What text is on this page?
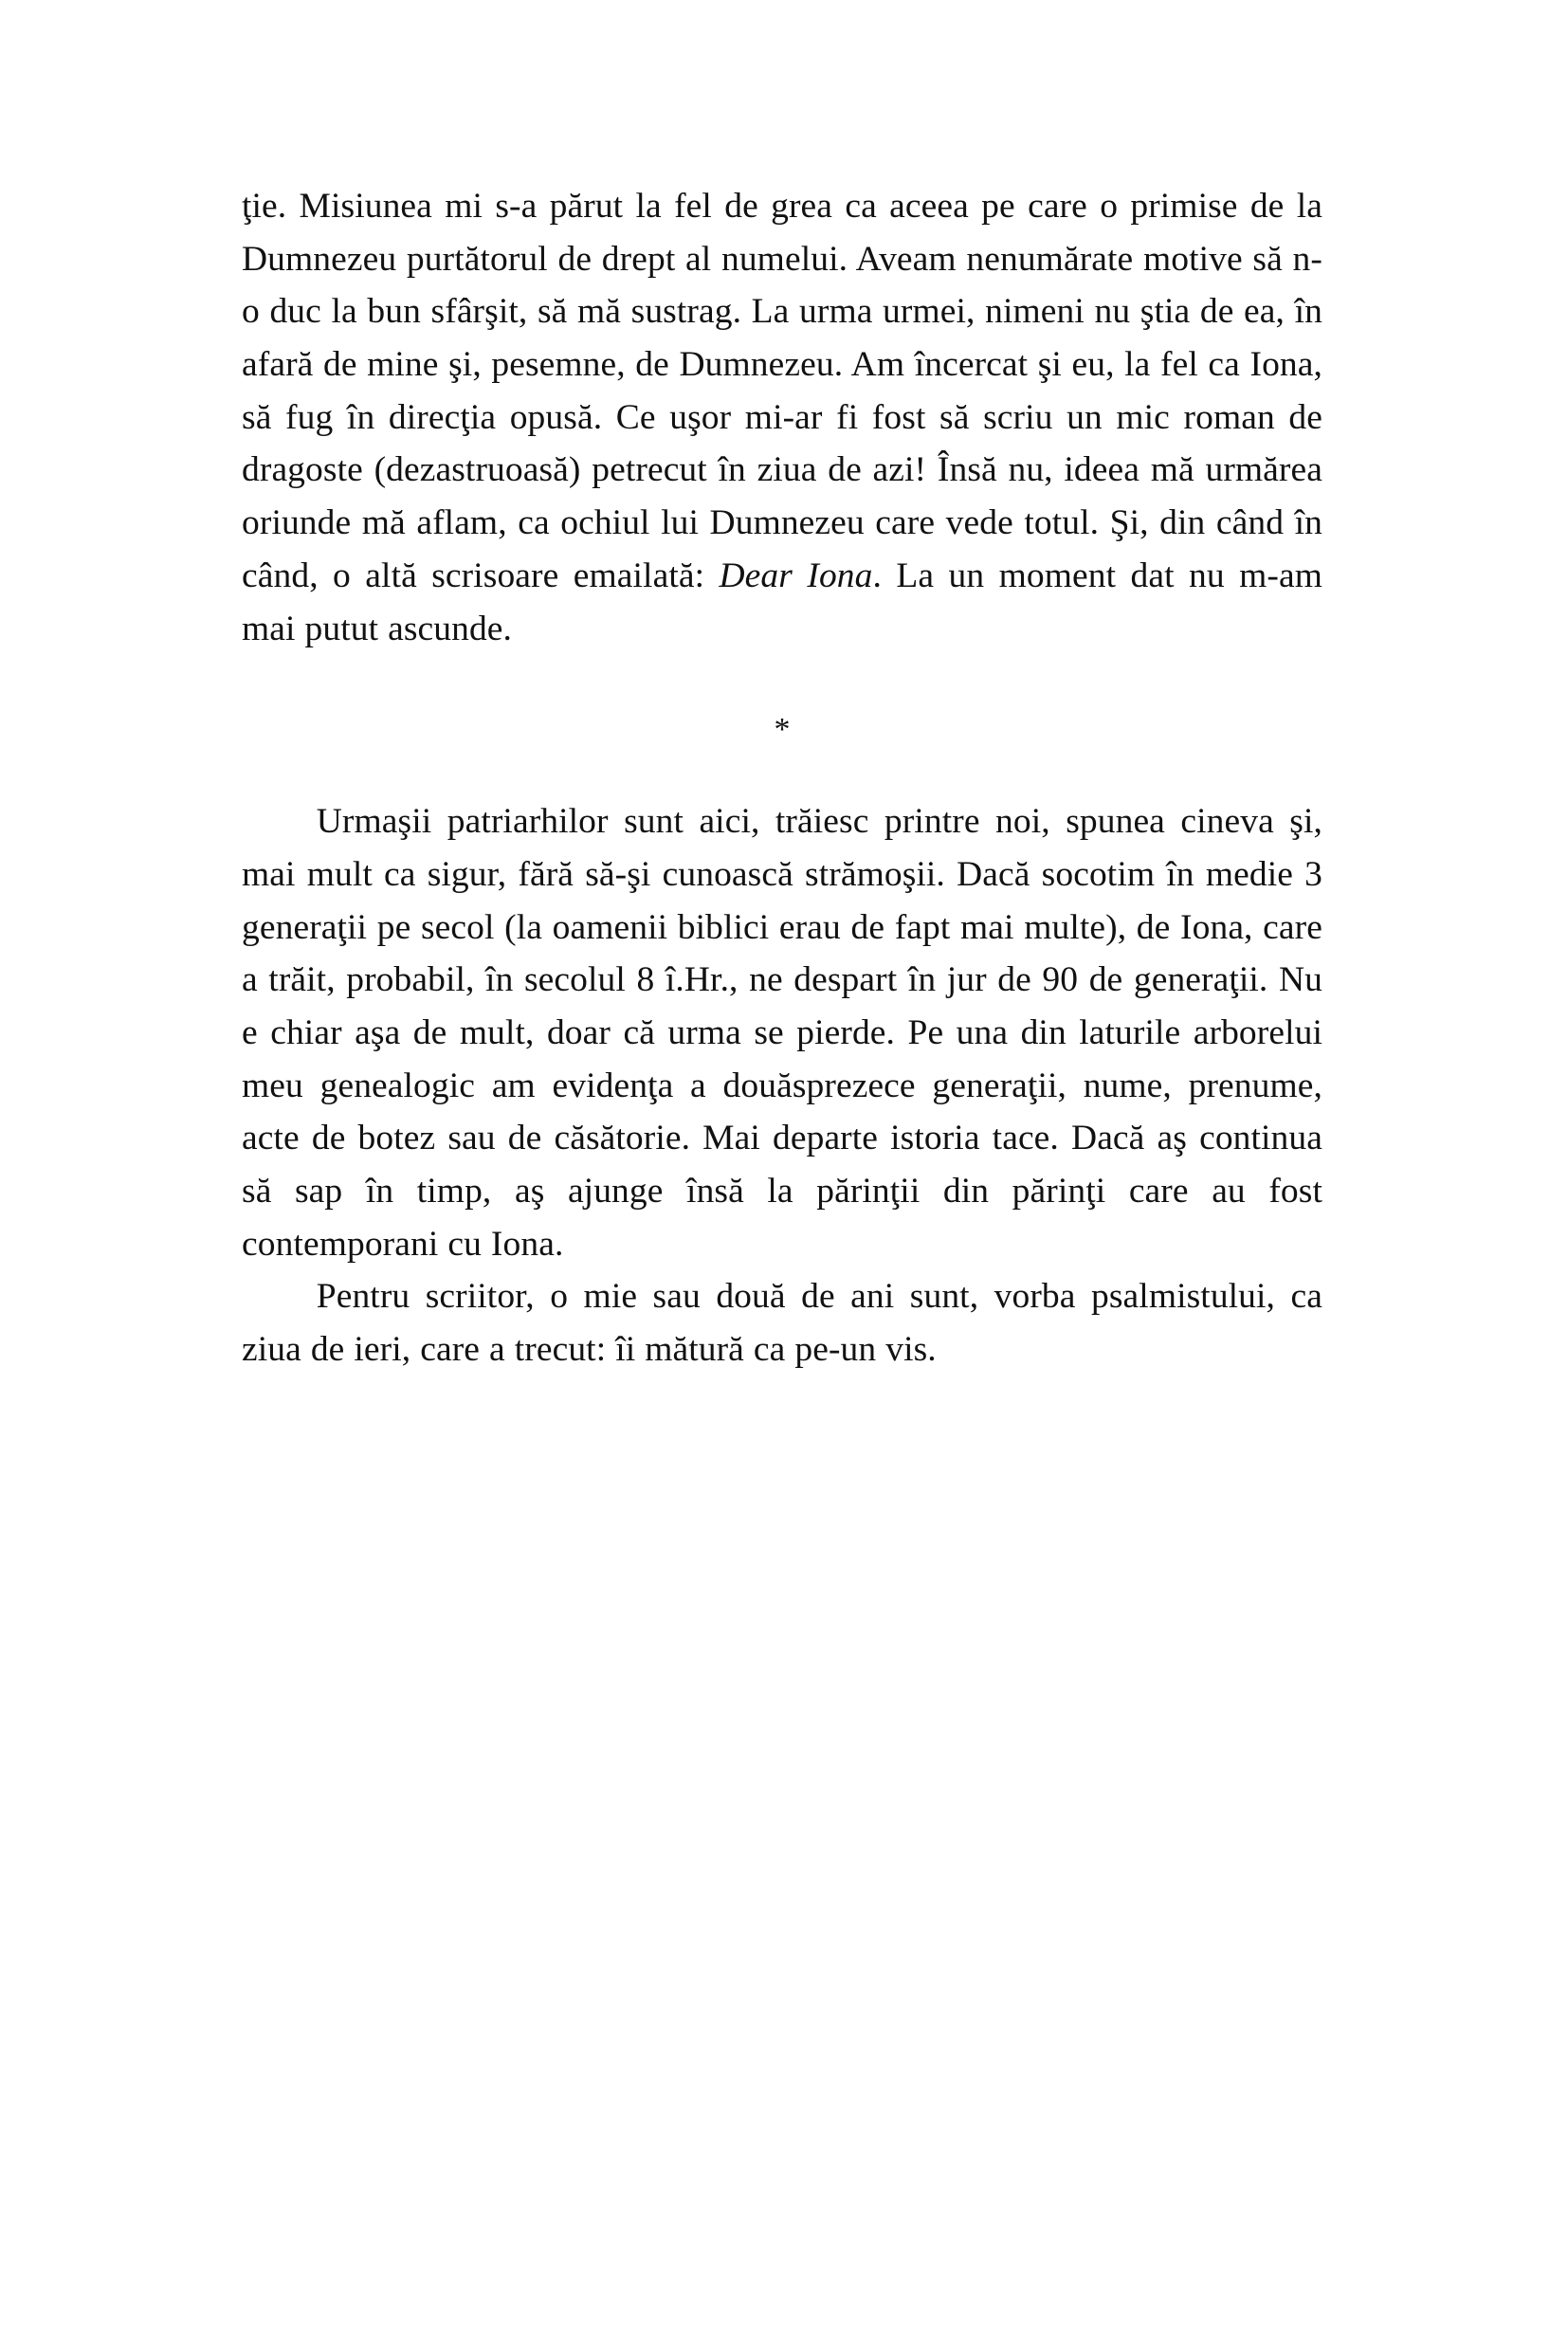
ţie. Misiunea mi s-a părut la fel de grea ca aceea pe care o primise de la Dumnezeu purtătorul de drept al numelui. Aveam nenumărate motive să n-o duc la bun sfârşit, să mă sustrag. La urma urmei, nimeni nu ştia de ea, în afară de mine şi, pesemne, de Dumnezeu. Am încercat şi eu, la fel ca Iona, să fug în direcţia opusă. Ce uşor mi-ar fi fost să scriu un mic roman de dragoste (dezastruoasă) petrecut în ziua de azi! Însă nu, ideea mă urmărea oriunde mă aflam, ca ochiul lui Dumnezeu care vede totul. Şi, din când în când, o altă scrisoare emailată: Dear Iona. La un moment dat nu m-am mai putut ascunde.

*

Urmaşii patriarhilor sunt aici, trăiesc printre noi, spunea cineva şi, mai mult ca sigur, fără să-şi cunoască strămoşii. Dacă socotim în medie 3 generaţii pe secol (la oamenii biblici erau de fapt mai multe), de Iona, care a trăit, probabil, în secolul 8 î.Hr., ne despart în jur de 90 de generaţii. Nu e chiar aşa de mult, doar că urma se pierde. Pe una din laturile arborelui meu genealogic am evidenţa a douăsprezece generaţii, nume, prenume, acte de botez sau de căsătorie. Mai departe istoria tace. Dacă aş continua să sap în timp, aş ajunge însă la părinţii din părinţi care au fost contemporani cu Iona.

Pentru scriitor, o mie sau două de ani sunt, vorba psalmistului, ca ziua de ieri, care a trecut: îi mătură ca pe-un vis.
